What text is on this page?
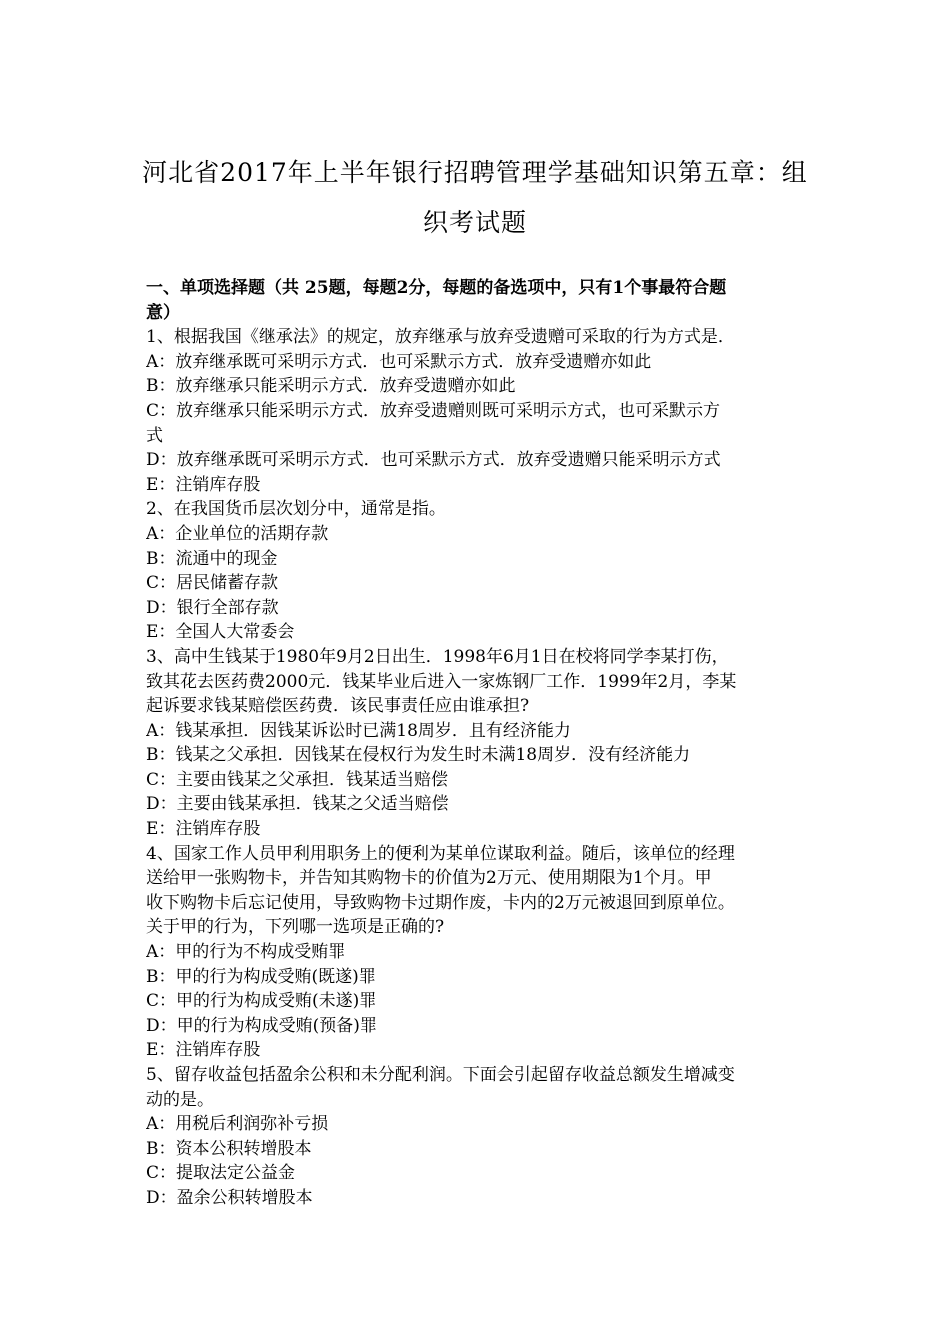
河北省2017年上半年银行招聘管理学基础知识第五章：组
织考试题
一、单项选择题（共 25题，每题2分，每题的备选项中，只有1个事最符合题
意）
1、根据我国《继承法》的规定，放弃继承与放弃受遗赠可采取的行为方式是．
A：放弃继承既可采明示方式．也可采默示方式．放弃受遗赠亦如此
B：放弃继承只能采明示方式．放弃受遗赠亦如此
C：放弃继承只能采明示方式．放弃受遗赠则既可采明示方式，也可采默示方
式
D：放弃继承既可采明示方式．也可采默示方式．放弃受遗赠只能采明示方式
E：注销库存股
2、在我国货币层次划分中，通常是指。
A：企业单位的活期存款
B：流通中的现金
C：居民储蓄存款
D：银行全部存款
E：全国人大常委会
3、高中生钱某于1980年9月2日出生．1998年6月1日在校将同学李某打伤，
致其花去医药费2000元．钱某毕业后进入一家炼钢厂工作．1999年2月，李某
起诉要求钱某赔偿医药费．该民事责任应由谁承担?
A：钱某承担．因钱某诉讼时已满18周岁．且有经济能力
B：钱某之父承担．因钱某在侵权行为发生时未满18周岁．没有经济能力
C：主要由钱某之父承担．钱某适当赔偿
D：主要由钱某承担．钱某之父适当赔偿
E：注销库存股
4、国家工作人员甲利用职务上的便利为某单位谋取利益。随后，该单位的经理
送给甲一张购物卡，并告知其购物卡的价值为2万元、使用期限为1个月。甲
收下购物卡后忘记使用，导致购物卡过期作废，卡内的2万元被退回到原单位。
关于甲的行为，下列哪一选项是正确的?
A：甲的行为不构成受贿罪
B：甲的行为构成受贿(既遂)罪
C：甲的行为构成受贿(未遂)罪
D：甲的行为构成受贿(预备)罪
E：注销库存股
5、留存收益包括盈余公积和未分配利润。下面会引起留存收益总额发生增减变
动的是。
A：用税后利润弥补亏损
B：资本公积转增股本
C：提取法定公益金
D：盈余公积转增股本
